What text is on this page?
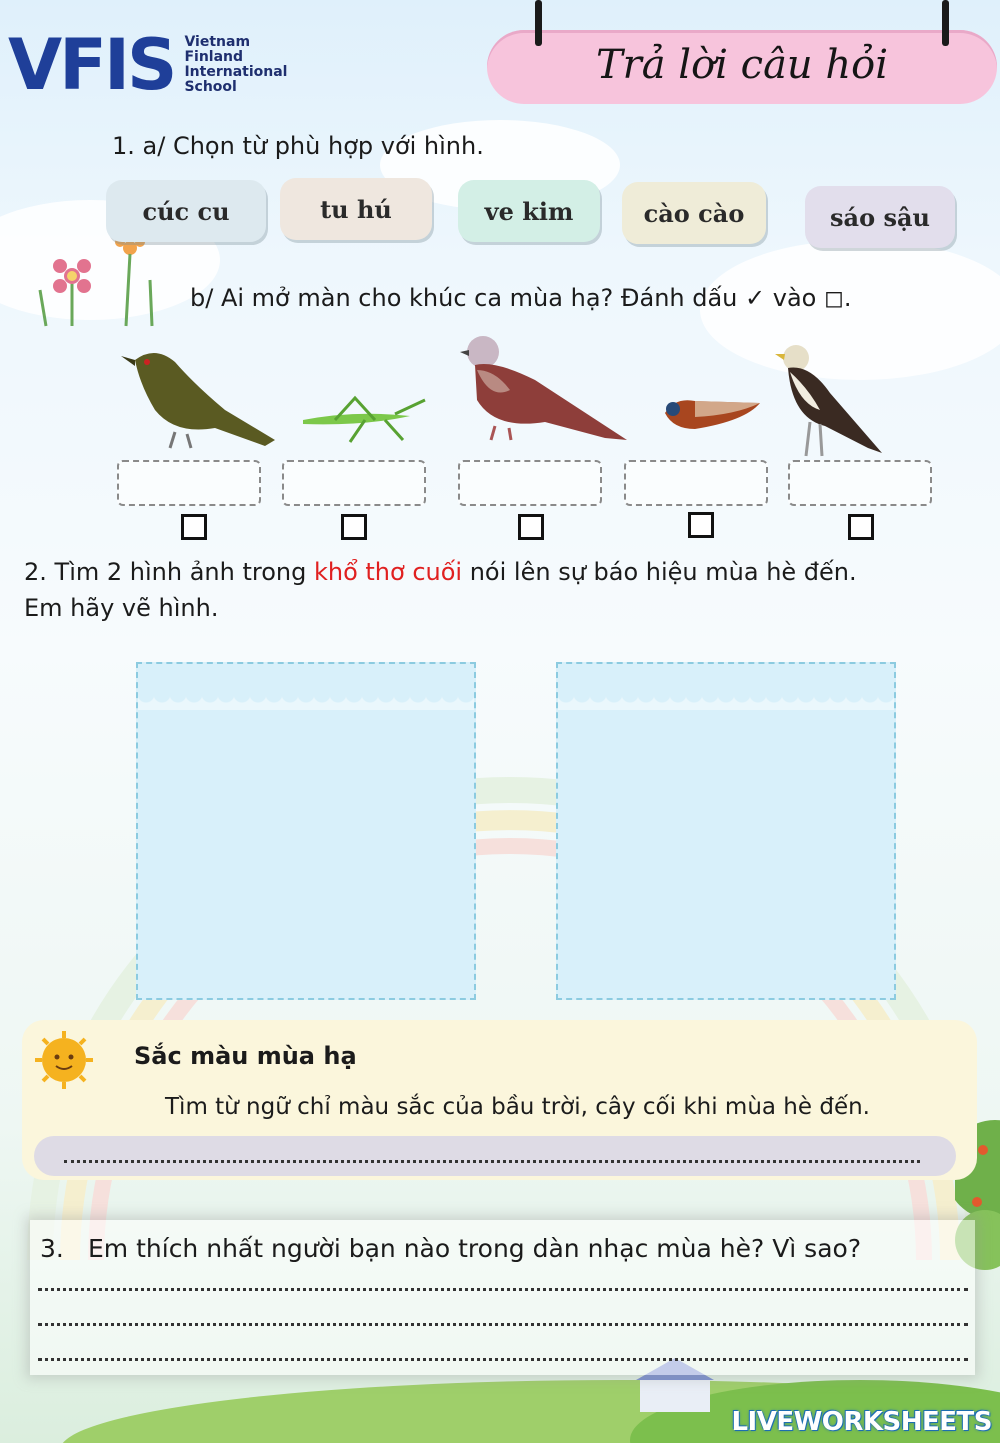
VFIS Vietnam
Finland
International
School	Trả lời câu hỏi
1. a/ Chọn từ phù hợp với hình.
cúc cu	tu hú	ve kim	cào cào	sáo sậu
b/ Ai mở màn cho khúc ca mùa hạ? Đánh dấu ✓ vào ◻.
2. Tìm 2 hình ảnh trong khổ thơ cuối nói lên sự báo hiệu mùa hè đến.
Em hãy vẽ hình.
Sắc màu mùa hạ
Tìm từ ngữ chỉ màu sắc của bầu trời, cây cối khi mùa hè đến.
3. Em thích nhất người bạn nào trong dàn nhạc mùa hè? Vì sao?
LIVEWORKSHEETS
